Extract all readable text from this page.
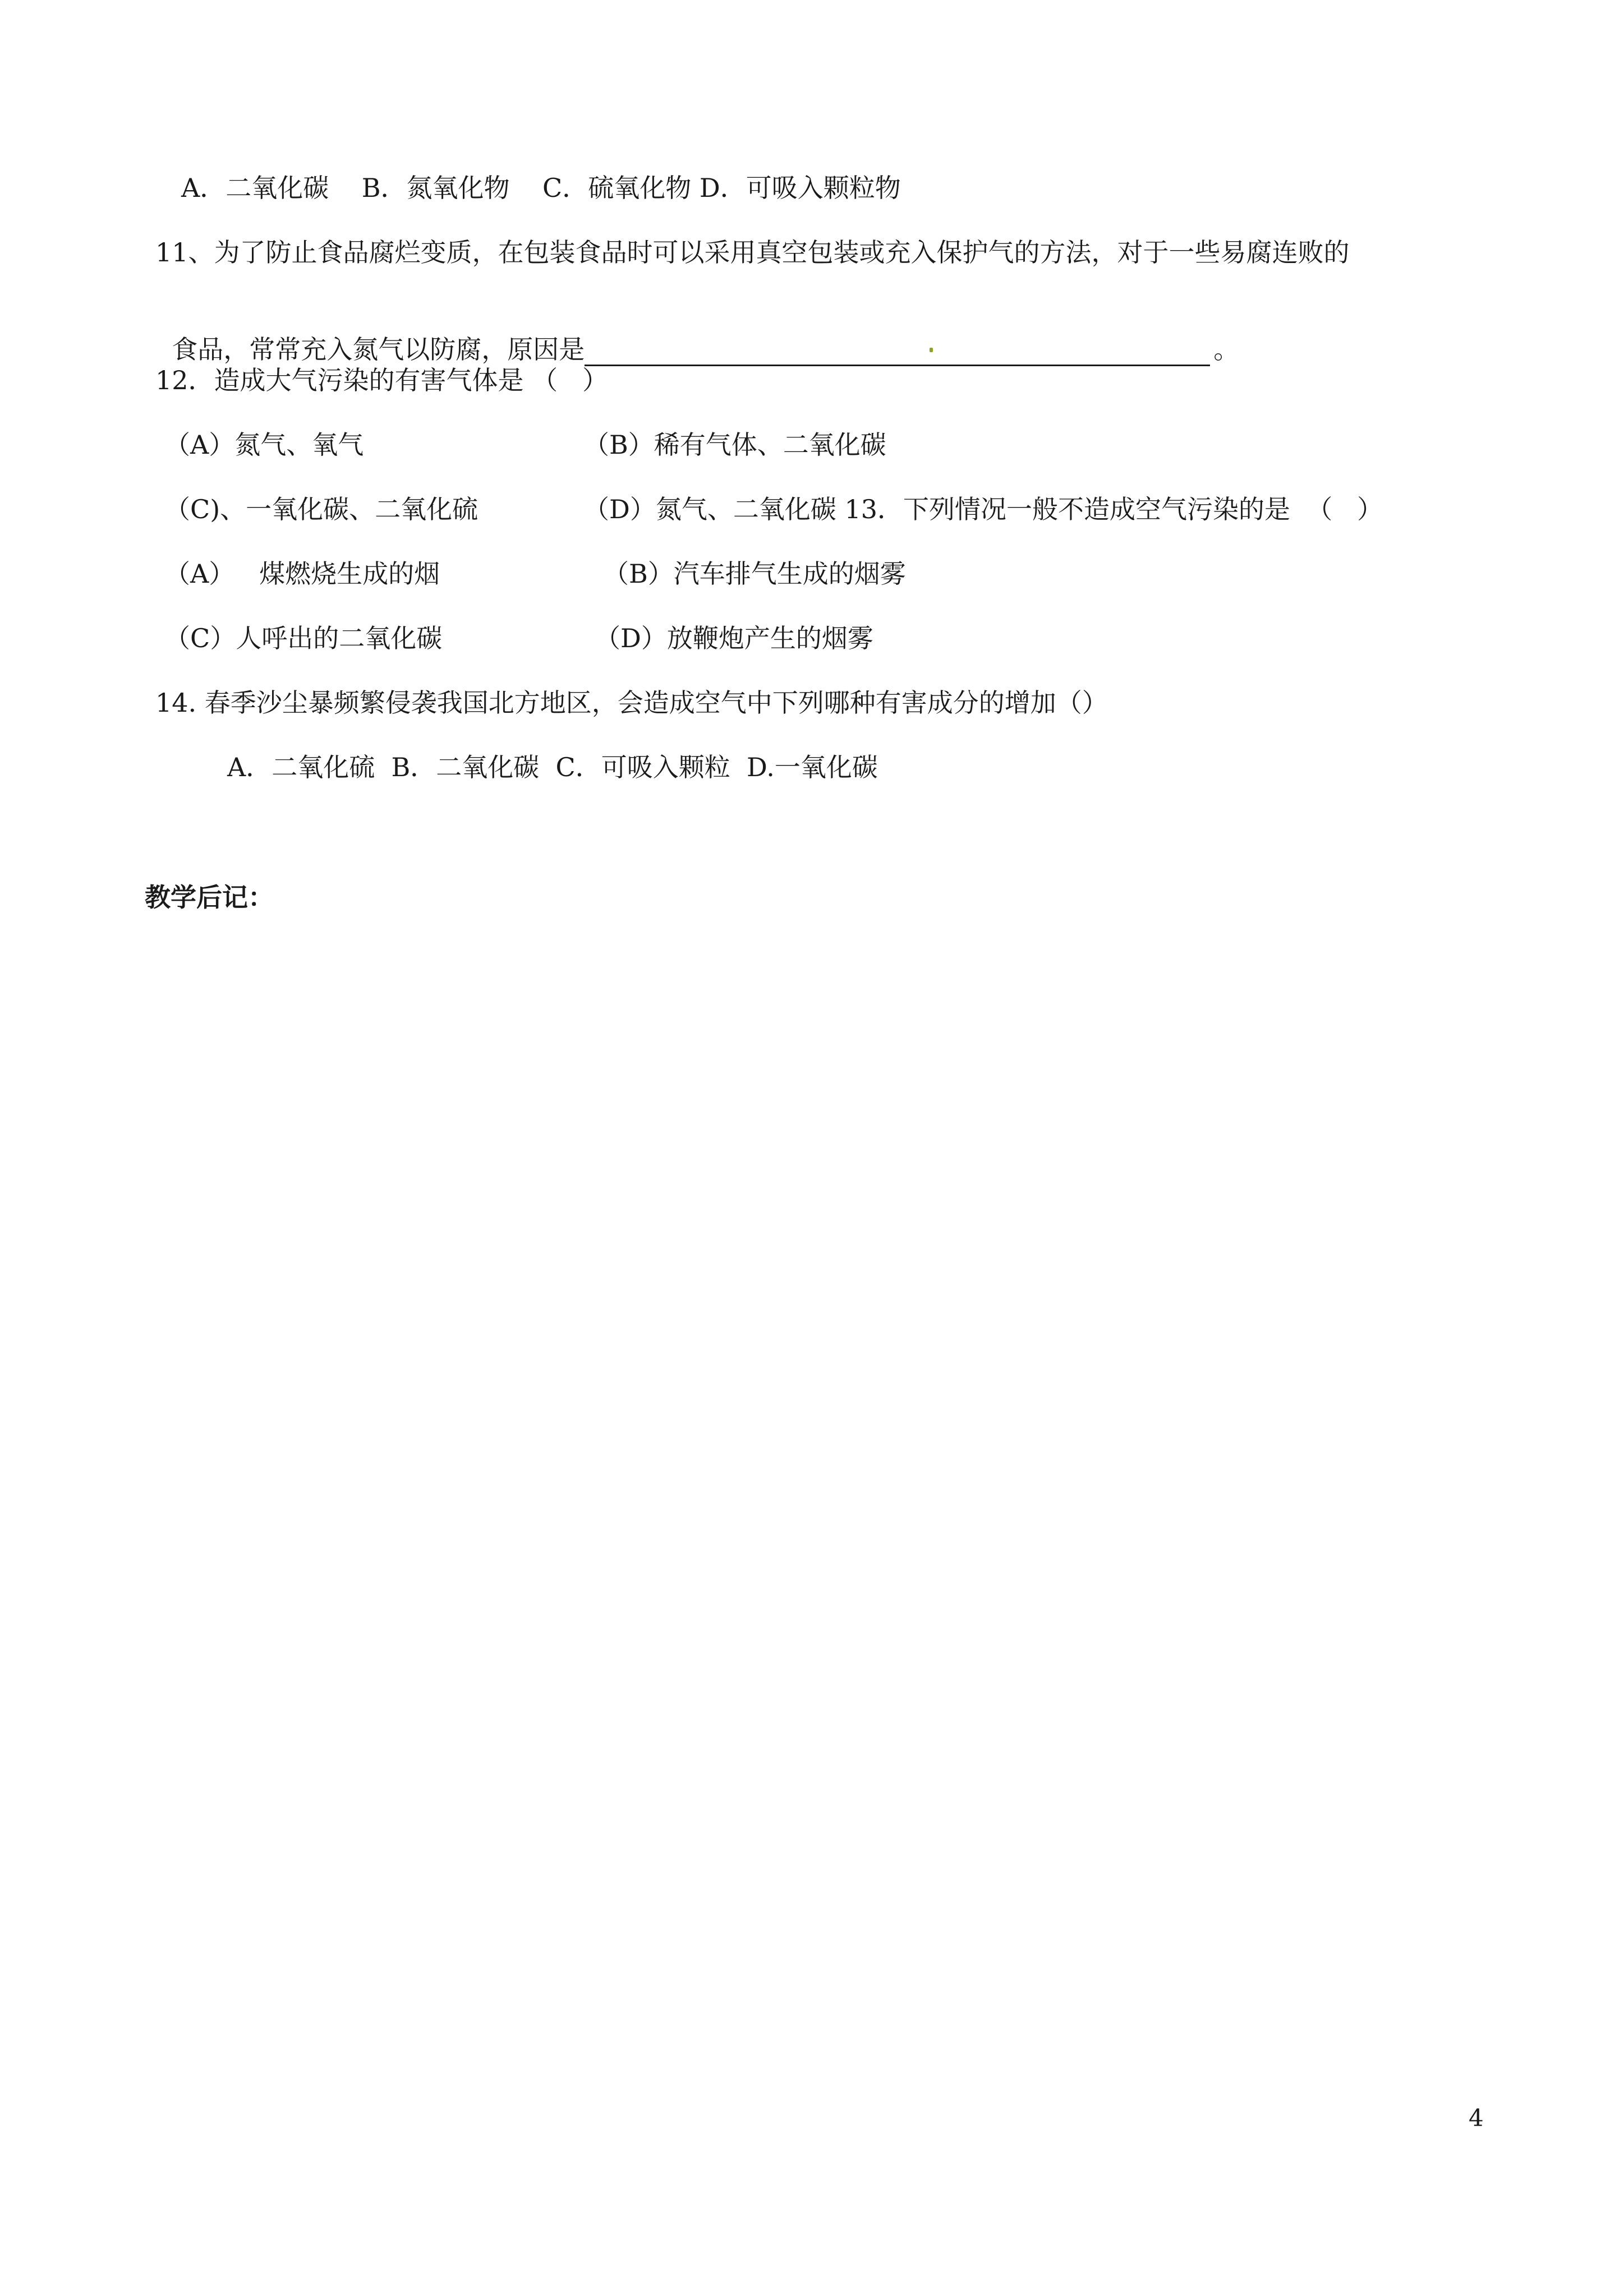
A．二氧化碳    B．氮氧化物    C．硫氧化物 D．可吸入颗粒物
11、为了防止食品腐烂变质，在包装食品时可以采用真空包装或充入保护气的方法，对于一些易腐连败的

食品，常常充入氮气以防腐，原因是	。

12．造成大气污染的有害气体是 （   ）
（A）氮气、氧气	（B）稀有气体、二氧化碳
（C)、一氧化碳、二氧化硫	（D）氮气、二氧化碳 13．下列情况一般不造成空气污染的是  （   ）
（A）   煤燃烧生成的烟	（B）汽车排气生成的烟雾
（C）人呼出的二氧化碳	（D）放鞭炮产生的烟雾
14. 春季沙尘暴频繁侵袭我国北方地区，会造成空气中下列哪种有害成分的增加（）
A．二氧化硫  B．二氧化碳  C．可吸入颗粒  D.一氧化碳
教学后记：
4
